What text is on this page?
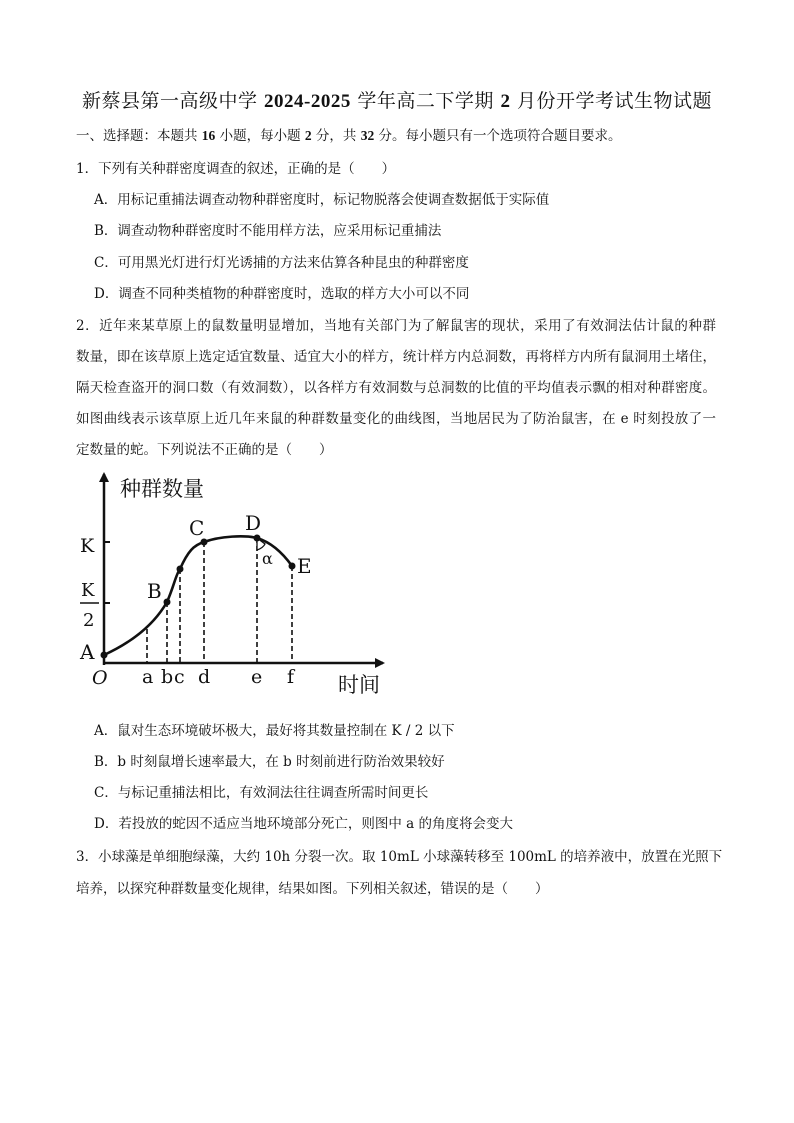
新蔡县第一高级中学 2024-2025 学年高二下学期 2 月份开学考试生物试题
一、选择题：本题共 16 小题，每小题 2 分，共 32 分。每小题只有一个选项符合题目要求。
1．下列有关种群密度调查的叙述，正确的是（　　）
A．用标记重捕法调查动物种群密度时，标记物脱落会使调查数据低于实际值
B．调查动物种群密度时不能用样方法，应采用标记重捕法
C．可用黑光灯进行灯光诱捕的方法来估算各种昆虫的种群密度
D．调查不同种类植物的种群密度时，选取的样方大小可以不同
2．近年来某草原上的鼠数量明显增加，当地有关部门为了解鼠害的现状，采用了有效洞法估计鼠的种群
数量，即在该草原上选定适宜数量、适宜大小的样方，统计样方内总洞数，再将样方内所有鼠洞用土堵住，
隔天检查盗开的洞口数（有效洞数），以各样方有效洞数与总洞数的比值的平均值表示飘的相对种群密度。
如图曲线表示该草原上近几年来鼠的种群数量变化的曲线图，当地居民为了防治鼠害，在 e 时刻投放了一
定数量的蛇。下列说法不正确的是（　　）
种群数量
时间
O
K
K
2
α
A
B
C D
E
a b c d e f
A．鼠对生态环境破坏极大，最好将其数量控制在 K / 2 以下
B．b 时刻鼠增长速率最大，在 b 时刻前进行防治效果较好
C．与标记重捕法相比，有效洞法往往调查所需时间更长
D．若投放的蛇因不适应当地环境部分死亡，则图中 a 的角度将会变大
3．小球藻是单细胞绿藻，大约 10h 分裂一次。取 10mL 小球藻转移至 100mL 的培养液中，放置在光照下
培养，以探究种群数量变化规律，结果如图。下列相关叙述，错误的是（　　）
